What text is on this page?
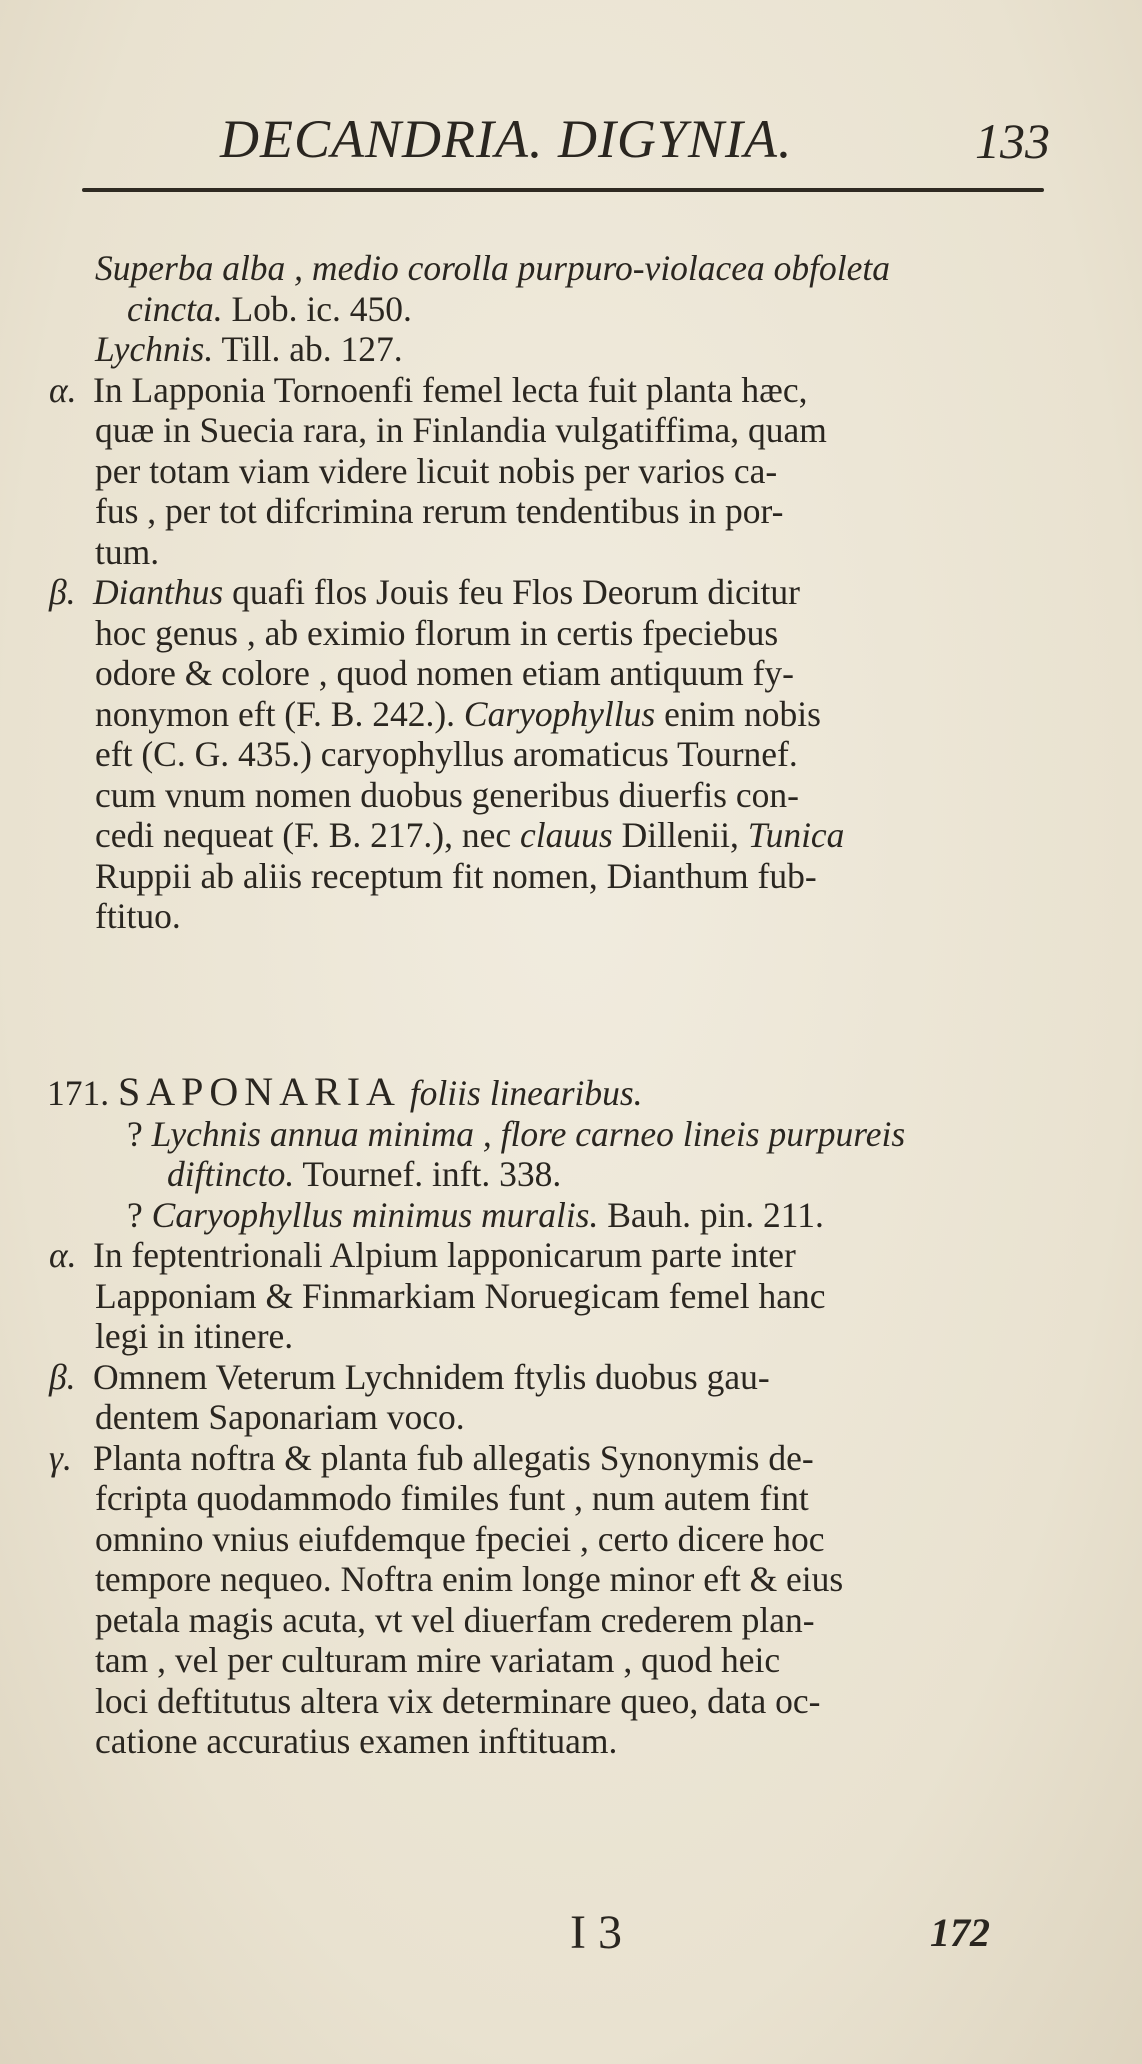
DECANDRIA. DIGYNIA.	133
Superba alba , medio corolla purpuro-violacea obfoleta
cincta. Lob. ic. 450.
Lychnis. Till. ab. 127.
α. In Lapponia Tornoenfi femel lecta fuit planta hæc,
quæ in Suecia rara, in Finlandia vulgatiffima, quam
per totam viam videre licuit nobis per varios ca-
fus , per tot difcrimina rerum tendentibus in por-
tum.
β. Dianthus quafi flos Jouis feu Flos Deorum dicitur
hoc genus , ab eximio florum in certis fpeciebus
odore & colore , quod nomen etiam antiquum fy-
nonymon eft (F. B. 242.). Caryophyllus enim nobis
eft (C. G. 435.) caryophyllus aromaticus Tournef.
cum vnum nomen duobus generibus diuerfis con-
cedi nequeat (F. B. 217.), nec clauus Dillenii, Tunica
Ruppii ab aliis receptum fit nomen, Dianthum fub-
ftituo.
171. SAPONARIA foliis linearibus.
? Lychnis annua minima , flore carneo lineis purpureis
diftincto. Tournef. inft. 338.
? Caryophyllus minimus muralis. Bauh. pin. 211.
α. In feptentrionali Alpium lapponicarum parte inter
Lapponiam & Finmarkiam Noruegicam femel hanc
legi in itinere.
β. Omnem Veterum Lychnidem ftylis duobus gau-
dentem Saponariam voco.
γ. Planta noftra & planta fub allegatis Synonymis de-
fcripta quodammodo fimiles funt , num autem fint
omnino vnius eiufdemque fpeciei , certo dicere hoc
tempore nequeo. Noftra enim longe minor eft & eius
petala magis acuta, vt vel diuerfam crederem plan-
tam , vel per culturam mire variatam , quod heic
loci deftitutus altera vix determinare queo, data oc-
catione accuratius examen inftituam.
I 3	172
